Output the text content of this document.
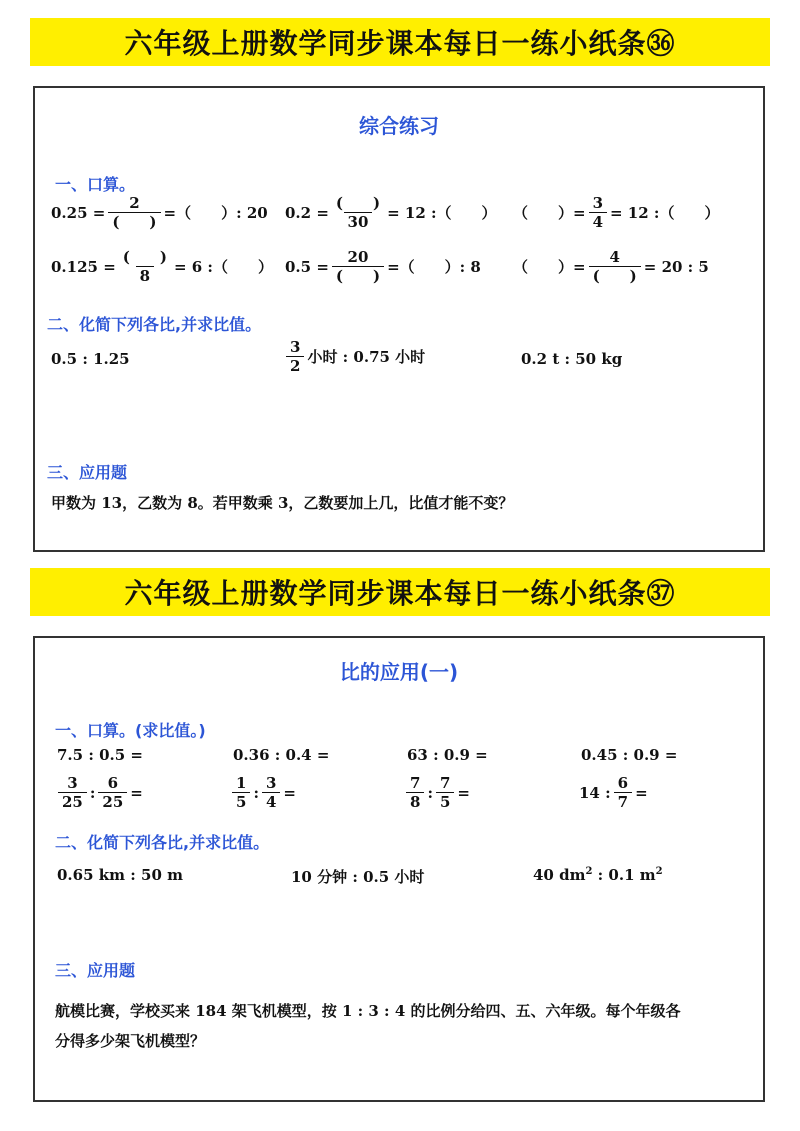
六年级上册数学同步课本每日一练小纸条㊱
综合练习
一、口算。
$0.25 = \frac{2}{( )}$ =（　　）: 20 $0.2 = \frac{( )}{30} = 12$ :（　　） （　　）= $\frac{3}{4} = 12$ :（　　）
$0.125 = \frac{( )}{8} = 6$ :（　　） $0.5 = \frac{20}{( )}$ =（　　）: 8 （　　）= $\frac{4}{( )} = 20$ : 5
二、化简下列各比,并求比值。
0.5 : 1.25	$\frac{3}{2}$ 小时 : 0.75 小时	0.2 t : 50 kg
三、应用题
甲数为 13，乙数为 8。若甲数乘 3，乙数要加上几，比值才能不变？
六年级上册数学同步课本每日一练小纸条㊲
比的应用(一)
一、口算。(求比值。)
7.5 : 0.5 =	0.36 : 0.4 =	63 : 0.9 =	0.45 : 0.9 =
$\frac{3}{25}$ : $\frac{6}{25}$ =	$\frac{1}{5}$ : $\frac{3}{4}$ =	$\frac{7}{8}$ : $\frac{7}{5}$ =	14 : $\frac{6}{7}$ =
二、化简下列各比,并求比值。
0.65 km : 50 m	10 分钟 : 0.5 小时	40 $dm^2$ : 0.1 $m^2$
三、应用题
航模比赛，学校买来 184 架飞机模型，按 1 : 3 : 4 的比例分给四、五、六年级。每个年级各
分得多少架飞机模型？
